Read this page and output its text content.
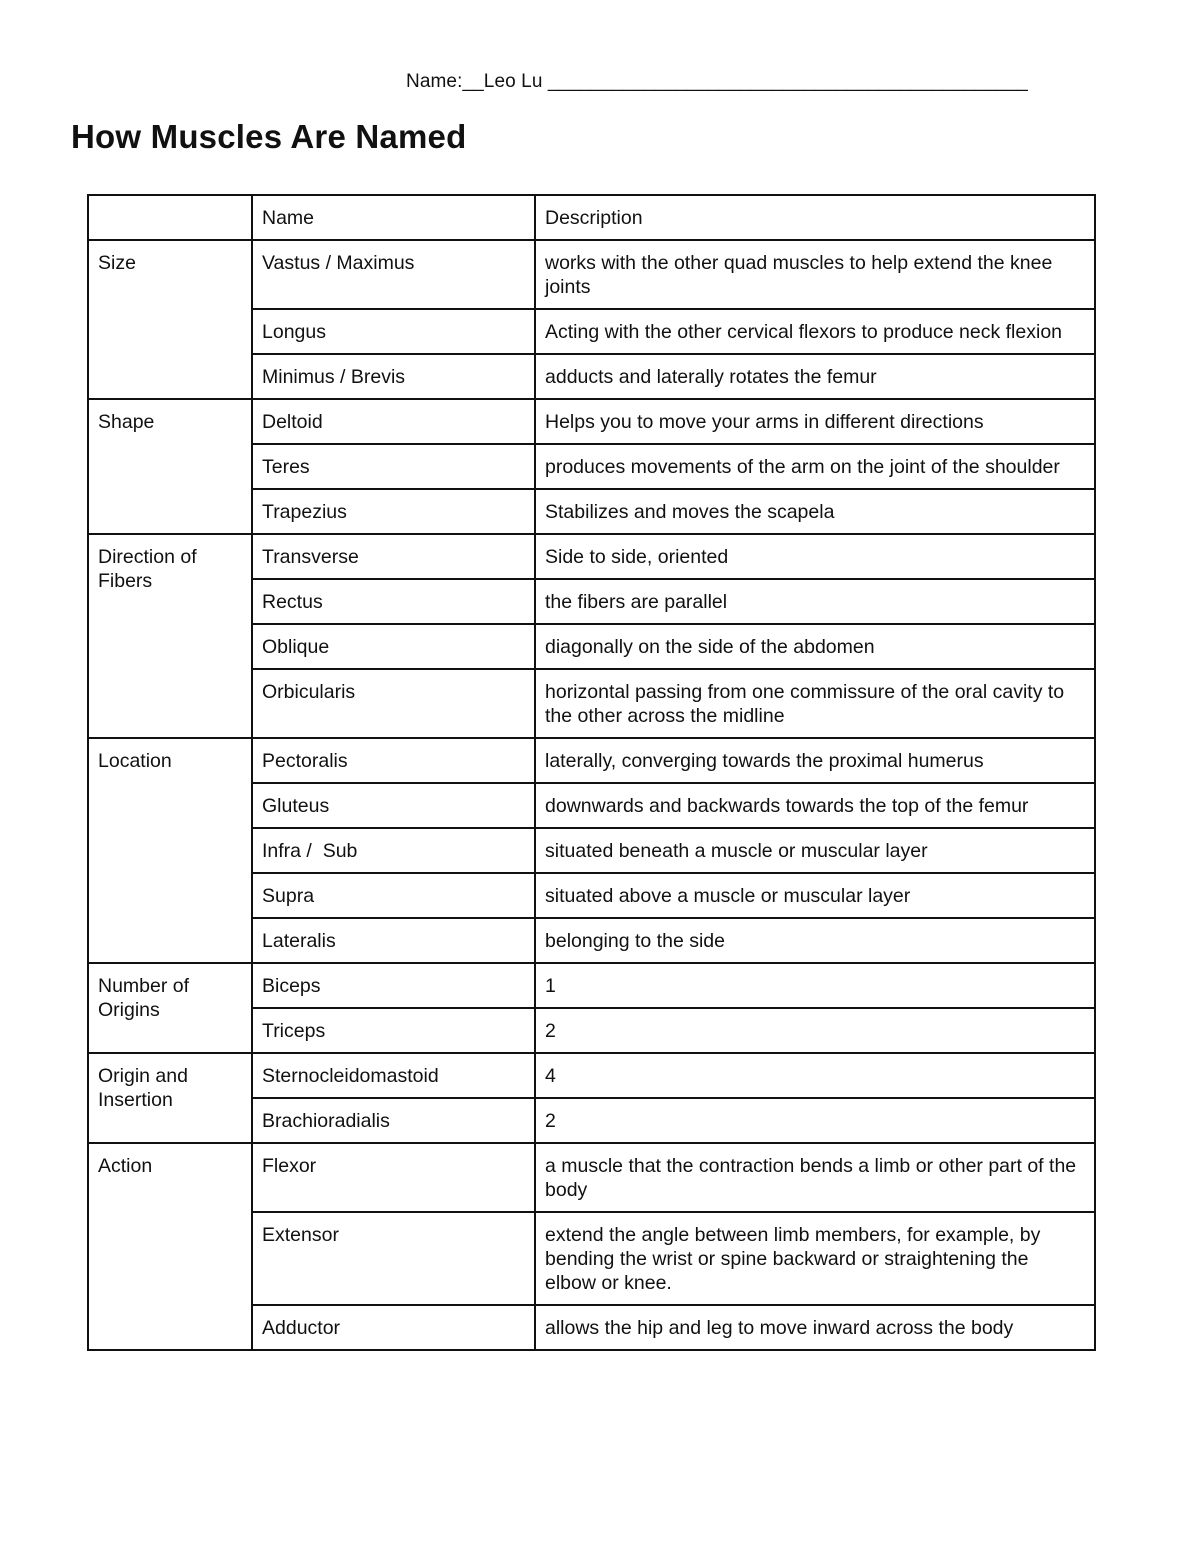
Name:__Leo Lu _____________________________________________
How Muscles Are Named
	Name	Description
Size	Vastus / Maximus	works with the other quad muscles to help extend the knee joints
	Longus	Acting with the other cervical flexors to produce neck flexion
	Minimus / Brevis	adducts and laterally rotates the femur
Shape	Deltoid	Helps you to move your arms in different directions
	Teres	produces movements of the arm on the joint of the shoulder
	Trapezius	Stabilizes and moves the scapela
Direction of Fibers	Transverse	Side to side, oriented
	Rectus	the fibers are parallel
	Oblique	diagonally on the side of the abdomen
	Orbicularis	horizontal passing from one commissure of the oral cavity to the other across the midline
Location	Pectoralis	laterally, converging towards the proximal humerus
	Gluteus	downwards and backwards towards the top of the femur
	Infra /  Sub	situated beneath a muscle or muscular layer
	Supra	situated above a muscle or muscular layer
	Lateralis	belonging to the side
Number of Origins	Biceps	1
	Triceps	2
Origin and Insertion	Sternocleidomastoid	4
	Brachioradialis	2
Action	Flexor	a muscle that the contraction bends a limb or other part of the body
	Extensor	extend the angle between limb members, for example, by bending the wrist or spine backward or straightening the elbow or knee.
	Adductor	allows the hip and leg to move inward across the body
